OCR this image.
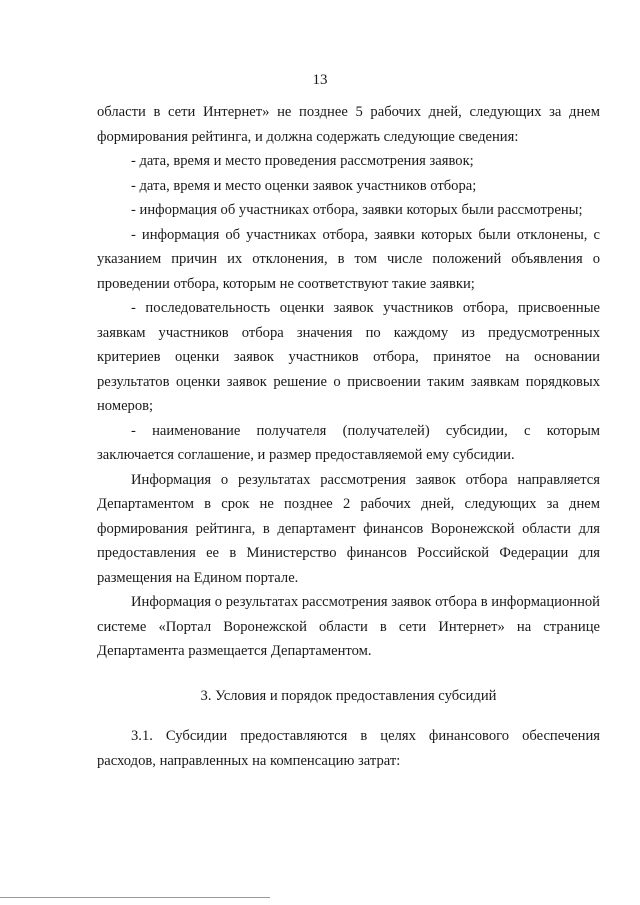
13

области в сети Интернет» не позднее 5 рабочих дней, следующих за днем формирования рейтинга, и должна содержать следующие сведения:

- дата, время и место проведения рассмотрения заявок;

- дата, время и место оценки заявок участников отбора;

- информация об участниках отбора, заявки которых были рассмотрены;

- информация об участниках отбора, заявки которых были отклонены, с указанием причин их отклонения, в том числе положений объявления о проведении отбора, которым не соответствуют такие заявки;

- последовательность оценки заявок участников отбора, присвоенные заявкам участников отбора значения по каждому из предусмотренных критериев оценки заявок участников отбора, принятое на основании результатов оценки заявок решение о присвоении таким заявкам порядковых номеров;

- наименование получателя (получателей) субсидии, с которым заключается соглашение, и размер предоставляемой ему субсидии.

Информация о результатах рассмотрения заявок отбора направляется Департаментом в срок не позднее 2 рабочих дней, следующих за днем формирования рейтинга, в департамент финансов Воронежской области для предоставления ее в Министерство финансов Российской Федерации для размещения на Едином портале.

Информация о результатах рассмотрения заявок отбора в информационной системе «Портал Воронежской области в сети Интернет» на странице Департамента размещается Департаментом.

3. Условия и порядок предоставления субсидий

3.1. Субсидии предоставляются в целях финансового обеспечения расходов, направленных на компенсацию затрат:
